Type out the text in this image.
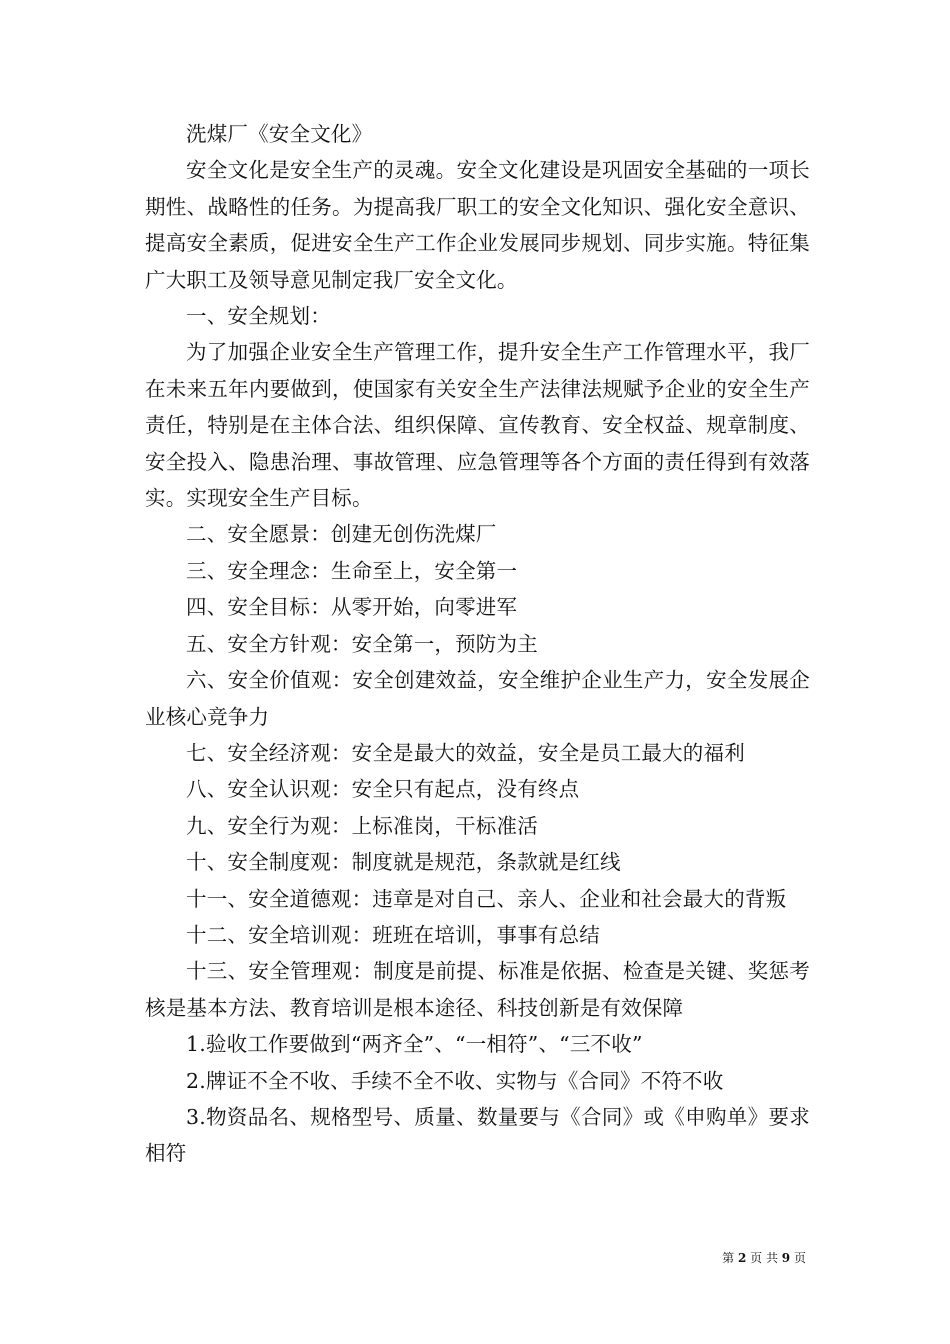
洗煤厂《安全文化》

安全文化是安全生产的灵魂。安全文化建设是巩固安全基础的一项长期性、战略性的任务。为提高我厂职工的安全文化知识、强化安全意识、提高安全素质，促进安全生产工作企业发展同步规划、同步实施。特征集广大职工及领导意见制定我厂安全文化。

一、安全规划：

为了加强企业安全生产管理工作，提升安全生产工作管理水平，我厂在未来五年内要做到，使国家有关安全生产法律法规赋予企业的安全生产责任，特别是在主体合法、组织保障、宣传教育、安全权益、规章制度、安全投入、隐患治理、事故管理、应急管理等各个方面的责任得到有效落实。实现安全生产目标。

二、安全愿景：创建无创伤洗煤厂

三、安全理念：生命至上，安全第一

四、安全目标：从零开始，向零进军

五、安全方针观：安全第一，预防为主

六、安全价值观：安全创建效益，安全维护企业生产力，安全发展企业核心竞争力

七、安全经济观：安全是最大的效益，安全是员工最大的福利

八、安全认识观：安全只有起点，没有终点

九、安全行为观：上标准岗，干标准活

十、安全制度观：制度就是规范，条款就是红线

十一、安全道德观：违章是对自己、亲人、企业和社会最大的背叛

十二、安全培训观：班班在培训，事事有总结

十三、安全管理观：制度是前提、标准是依据、检查是关键、奖惩考核是基本方法、教育培训是根本途径、科技创新是有效保障

1.验收工作要做到“两齐全”、“一相符”、“三不收”

2.牌证不全不收、手续不全不收、实物与《合同》不符不收

3.物资品名、规格型号、质量、数量要与《合同》或《申购单》要求相符

第 2 页 共 9 页
